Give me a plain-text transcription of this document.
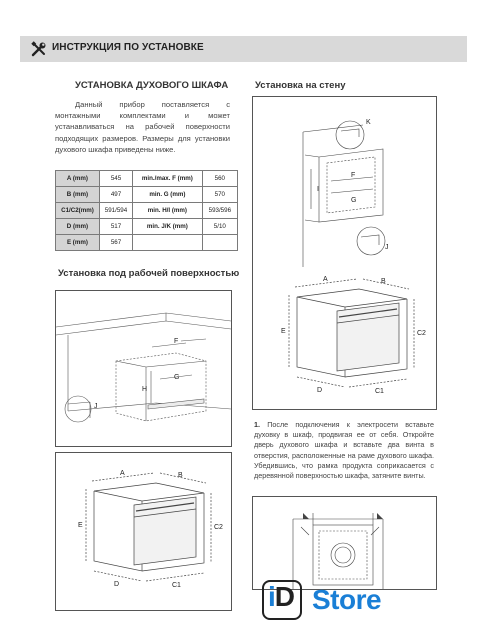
ИНСТРУКЦИЯ ПО УСТАНОВКЕ
УСТАНОВКА ДУХОВОГО ШКАФА
Данный прибор поставляется с монтажными комплектами и может устанавливаться на рабочей поверхности подходящих размеров. Размеры для установки духового шкафа приведены ниже.
A (mm)	545	min./max. F (mm)	560
B (mm)	497	min. G (mm)	570
C1/C2(mm)	591/594	min. H/I (mm)	593/596
D (mm)	517	min. J/K (mm)	5/10
E (mm)	567		
Установка под рабочей поверхностью
F
H
G
J
A	B
E	C2
D	C1
Установка на стену
K
I
F
G
J
A	B
E	C2
D	C1
1. После подключения к электросети вставьте духовку в шкаф, продвигая ее от себя. Откройте дверь духового шкафа и вставьте два винта в отверстия, расположенные на раме духового шкафа. Убедившись, что рамка продукта соприкасается с деревянной поверхностью шкафа, затяните винты.
iD Store
